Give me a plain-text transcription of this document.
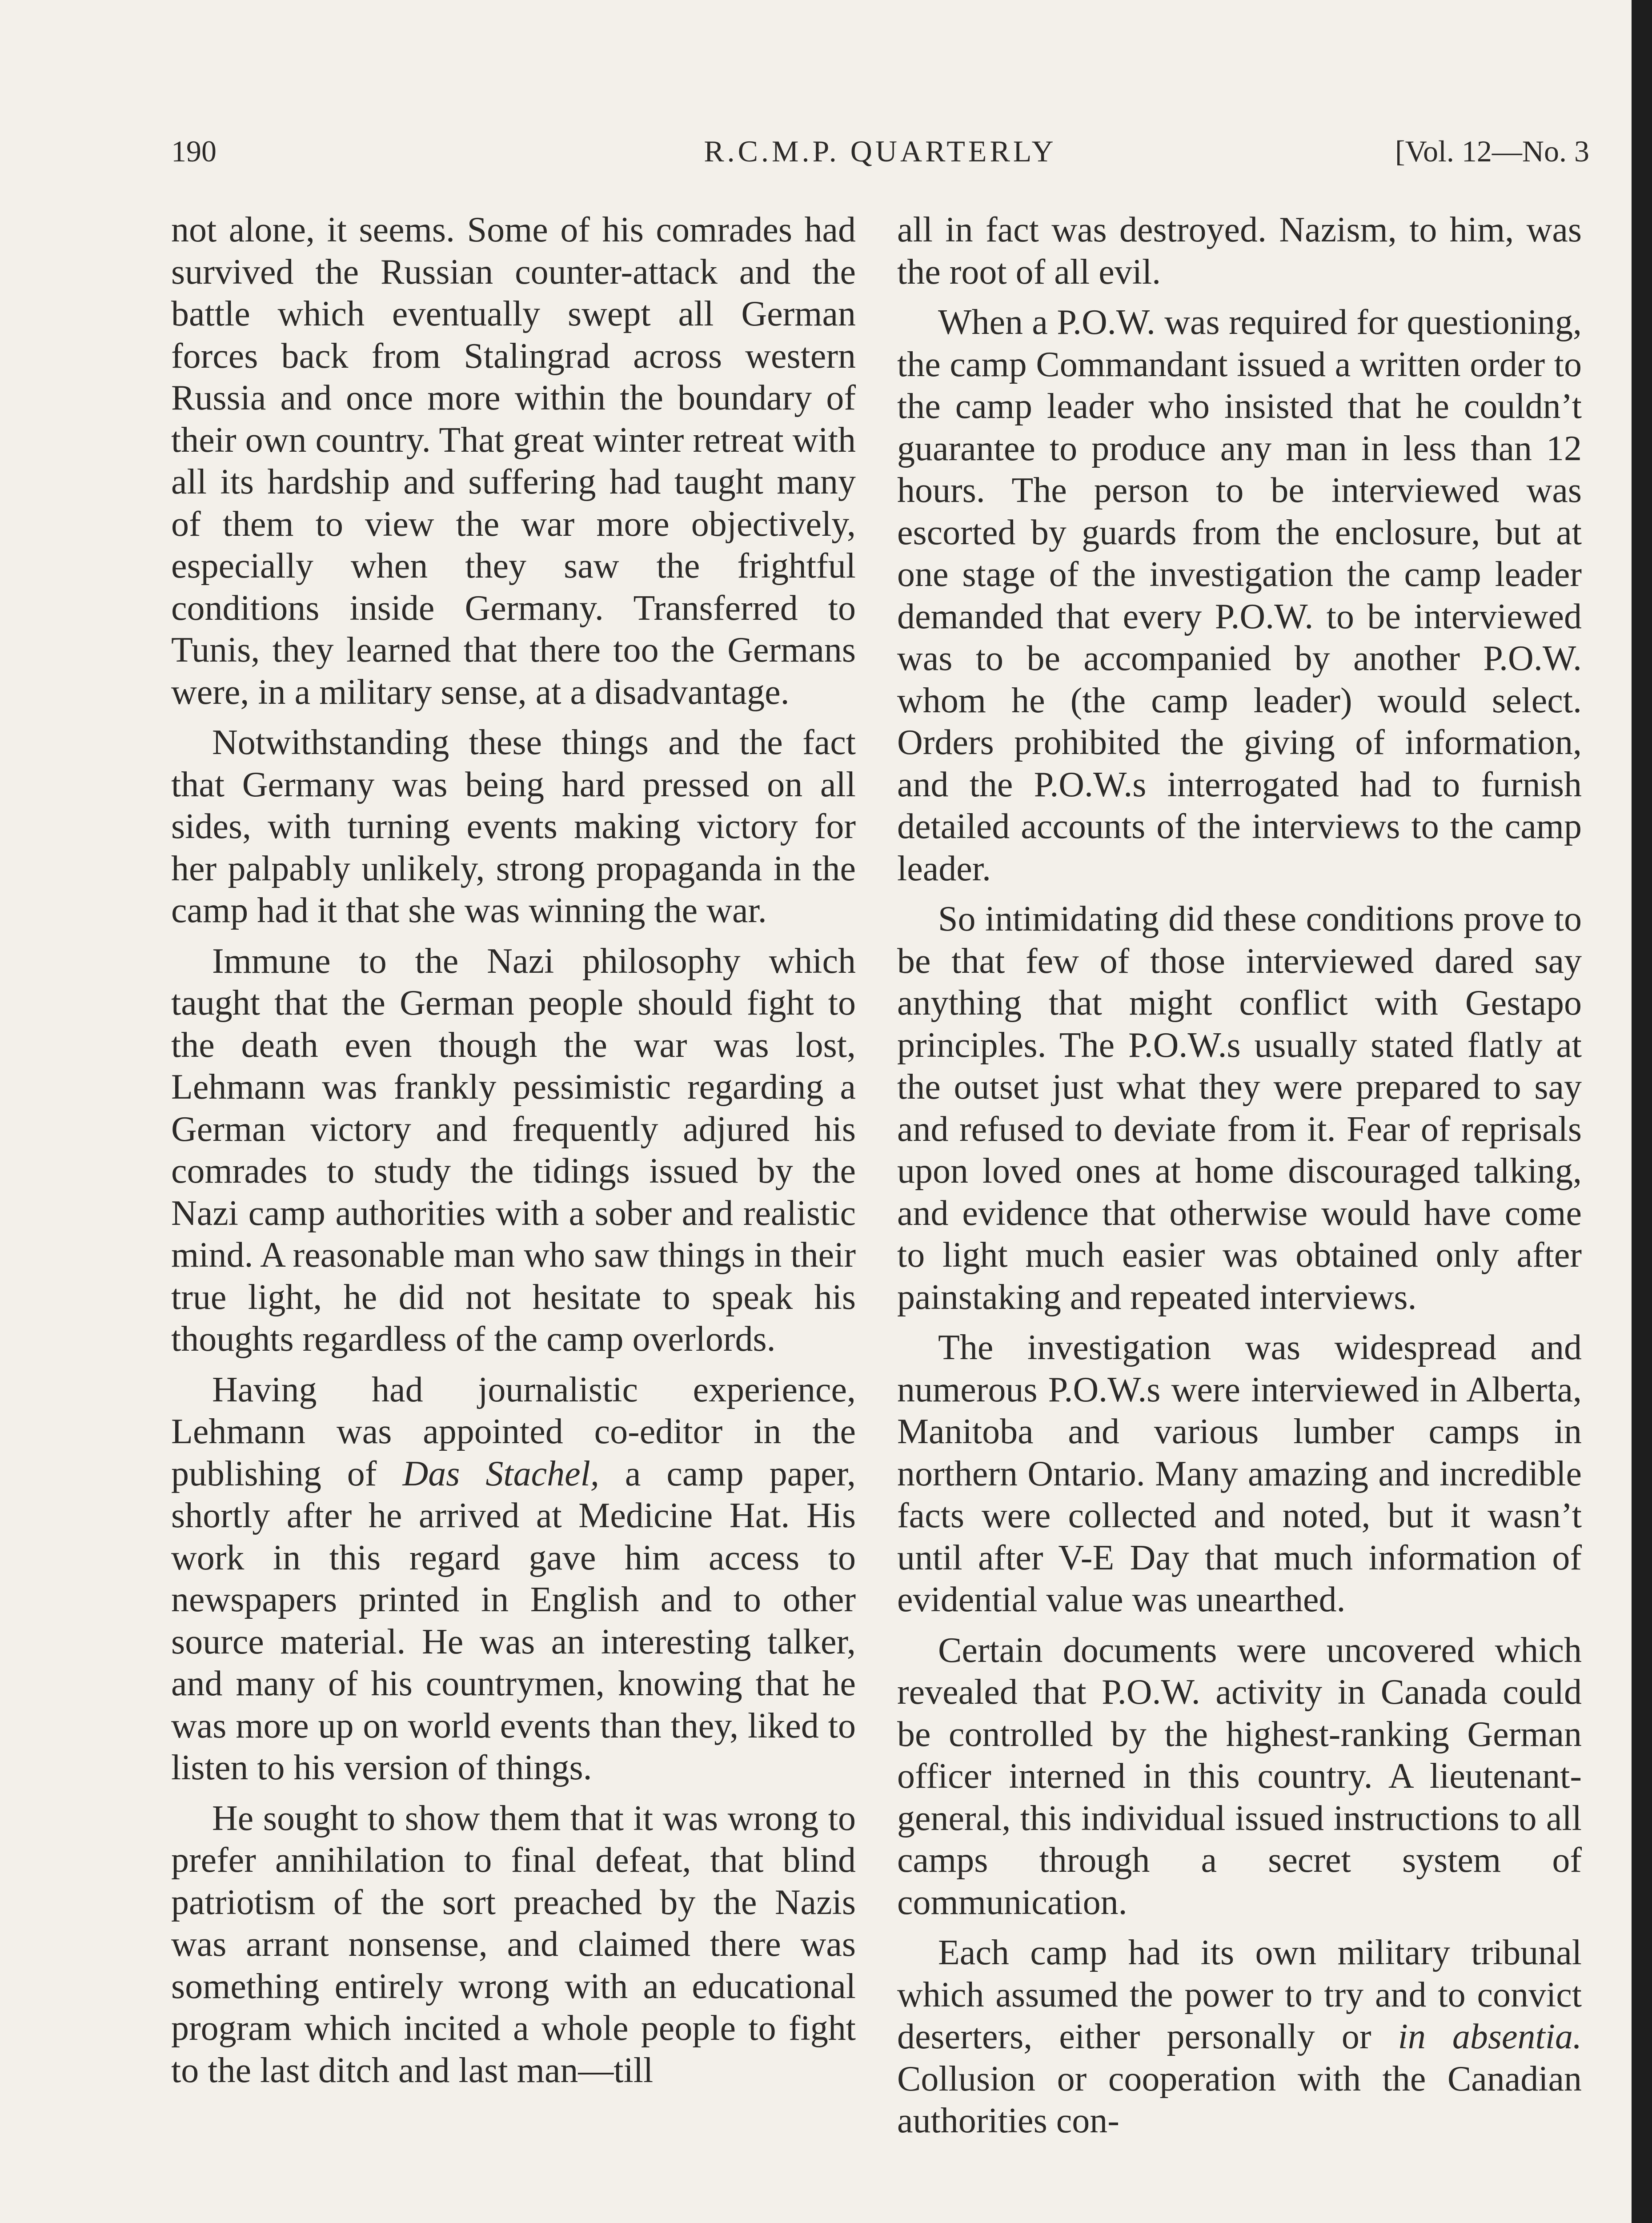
R.C.M.P. QUARTERLY
190	[Vol. 12—No. 3

not alone, it seems. Some of his comrades had survived the Russian counter-attack and the battle which eventually swept all German forces back from Stalingrad across western Russia and once more within the boundary of their own country. That great winter retreat with all its hardship and suffering had taught many of them to view the war more objectively, especially when they saw the frightful conditions inside Germany. Transferred to Tunis, they learned that there too the Germans were, in a military sense, at a disadvantage.

Notwithstanding these things and the fact that Germany was being hard pressed on all sides, with turning events making victory for her palpably unlikely, strong propaganda in the camp had it that she was winning the war.

Immune to the Nazi philosophy which taught that the German people should fight to the death even though the war was lost, Lehmann was frankly pessimistic regarding a German victory and frequently adjured his comrades to study the tidings issued by the Nazi camp authorities with a sober and realistic mind. A reasonable man who saw things in their true light, he did not hesitate to speak his thoughts regardless of the camp overlords.

Having had journalistic experience, Lehmann was appointed co-editor in the publishing of Das Stachel, a camp paper, shortly after he arrived at Medicine Hat. His work in this regard gave him access to newspapers printed in English and to other source material. He was an interesting talker, and many of his countrymen, knowing that he was more up on world events than they, liked to listen to his version of things.

He sought to show them that it was wrong to prefer annihilation to final defeat, that blind patriotism of the sort preached by the Nazis was arrant nonsense, and claimed there was something entirely wrong with an educational program which incited a whole people to fight to the last ditch and last man—till

all in fact was destroyed. Nazism, to him, was the root of all evil.

When a P.O.W. was required for questioning, the camp Commandant issued a written order to the camp leader who insisted that he couldn’t guarantee to produce any man in less than 12 hours. The person to be interviewed was escorted by guards from the enclosure, but at one stage of the investigation the camp leader demanded that every P.O.W. to be interviewed was to be accompanied by another P.O.W. whom he (the camp leader) would select. Orders prohibited the giving of information, and the P.O.W.s interrogated had to furnish detailed accounts of the interviews to the camp leader.

So intimidating did these conditions prove to be that few of those interviewed dared say anything that might conflict with Gestapo principles. The P.O.W.s usually stated flatly at the outset just what they were prepared to say and refused to deviate from it. Fear of reprisals upon loved ones at home discouraged talking, and evidence that otherwise would have come to light much easier was obtained only after painstaking and repeated interviews.

The investigation was widespread and numerous P.O.W.s were interviewed in Alberta, Manitoba and various lumber camps in northern Ontario. Many amazing and incredible facts were collected and noted, but it wasn’t until after V-E Day that much information of evidential value was unearthed.

Certain documents were uncovered which revealed that P.O.W. activity in Canada could be controlled by the highest-ranking German officer interned in this country. A lieutenant-general, this individual issued instructions to all camps through a secret system of communication.

Each camp had its own military tribunal which assumed the power to try and to convict deserters, either personally or in absentia. Collusion or cooperation with the Canadian authorities con-
